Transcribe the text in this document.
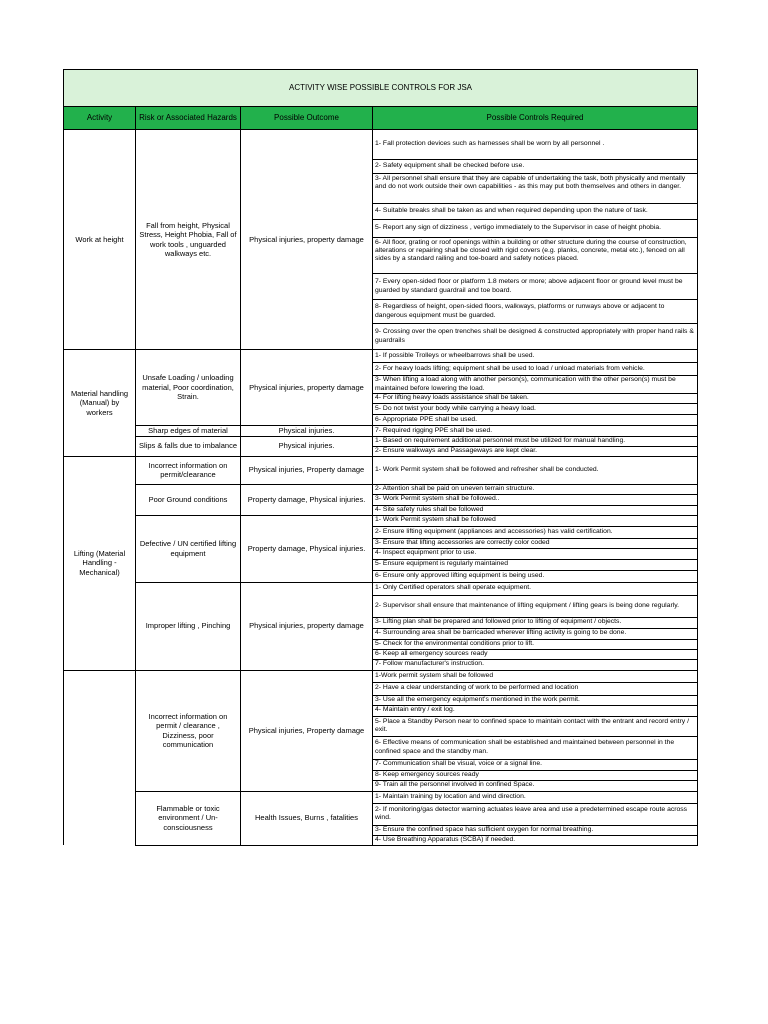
ACTIVITY WISE POSSIBLE CONTROLS FOR JSA			
Activity	Risk or Associated Hazards	Possible Outcome	Possible Controls Required
Work at height	Fall from height, Physical Stress, Height Phobia, Fall of work tools , unguarded walkways etc.	Physical injuries, property damage	1- Fall protection devices such as harnesses shall be worn by all personnel .
			2- Safety equipment shall be checked before use.
			3- All personnel shall ensure that they are capable of undertaking the task, both physically and mentally and do not work outside their own capabilities - as this may put both themselves and others in danger.
			4- Suitable breaks shall be taken as and when required depending upon the nature of task.
			5- Report any sign of dizziness , vertigo immediately to the Supervisor in case of height phobia.
			6- All floor, grating or roof openings within a building or other structure during the course of construction, alterations or repairing shall be closed with rigid covers (e.g. planks, concrete, metal etc.), fenced on all sides by a standard railing and toe-board and safety notices placed.
			7- Every open-sided floor or platform 1.8 meters or more; above adjacent floor or ground level must be guarded by standard guardrail and toe board.
			8- Regardless of height, open-sided floors, walkways, platforms or runways above or adjacent to dangerous equipment must be guarded.
			9- Crossing over the open trenches shall be designed & constructed appropriately with proper hand rails & guardrails
Material handling (Manual) by workers	Unsafe Loading / unloading material, Poor coordination, Strain.	Physical injuries, property damage	1- If possible Trolleys or wheelbarrows shall be used.
			2- For heavy loads lifting; equipment shall be used to load / unload materials from vehicle.
			3- When lifting a load along with another person(s), communication with the other person(s) must be maintained before lowering the load.
			4- For lifting heavy loads assistance shall be taken.
			5- Do not twist your body while carrying a heavy load.
			6- Appropriate PPE shall be used.
	Sharp edges of material	Physical injuries.	7- Required rigging PPE shall be used.
	Slips & falls due to imbalance	Physical injuries.	1- Based on requirement additional personnel must be utilized for manual handling.
			2- Ensure walkways and Passageways are kept clear.
Lifting (Material Handling - Mechanical)	Incorrect information on permit/clearance	Physical injuries, Property damage	1- Work Permit system shall be followed and refresher shall be conducted.
	Poor Ground conditions	Property damage, Physical injuries.	2- Attention shall be paid on uneven terrain structure.
			3- Work Permit system shall be followed..
			4- Site safety rules shall be followed
	Defective / UN certified lifting equipment	Property damage, Physical injuries.	1- Work Permit system shall be followed
			2- Ensure lifting equipment (appliances and accessories) has valid certification.
			3- Ensure that lifting accessories are correctly color coded
			4- Inspect equipment prior to use.
			5- Ensure equipment is regularly maintained
			6- Ensure only approved lifting equipment is being used.
	Improper lifting , Pinching	Physical injuries, property damage	1- Only Certified operators shall operate equipment.
			2- Supervisor shall ensure that maintenance of lifting equipment / lifting gears is being done regularly.
			3- Lifting plan shall be prepared and followed prior to lifting of equipment / objects.
			4- Surrounding area shall be barricaded wherever lifting activity is going to be done.
			5- Check for the environmental conditions prior to lift.
			6- Keep all emergency sources ready
			7- Follow manufacturer's instruction.
	Incorrect information on permit / clearance , Dizziness, poor communication	Physical injuries, Property damage	1-Work permit system shall be followed
			2- Have a clear understanding of work to be performed and location
			3- Use all the emergency equipment's mentioned in the work permit.
			4- Maintain entry / exit log.
			5- Place a Standby Person near to confined space to maintain contact with the entrant and record entry / exit.
			6- Effective means of communication shall be established and maintained between personnel in the confined space and the standby man.
			7- Communication shall be visual, voice or a signal line.
			8- Keep emergency sources ready
			9- Train all the personnel involved in confined Space.
	Flammable or toxic environment / Un-consciousness	Health Issues, Burns , fatalities	1- Maintain training by location and wind direction.
			2- If monitoring/gas detector warning actuates leave area and use a predetermined escape route across wind.
			3- Ensure the confined space has sufficient oxygen for normal breathing.
			4- Use Breathing Apparatus (SCBA) if needed.
